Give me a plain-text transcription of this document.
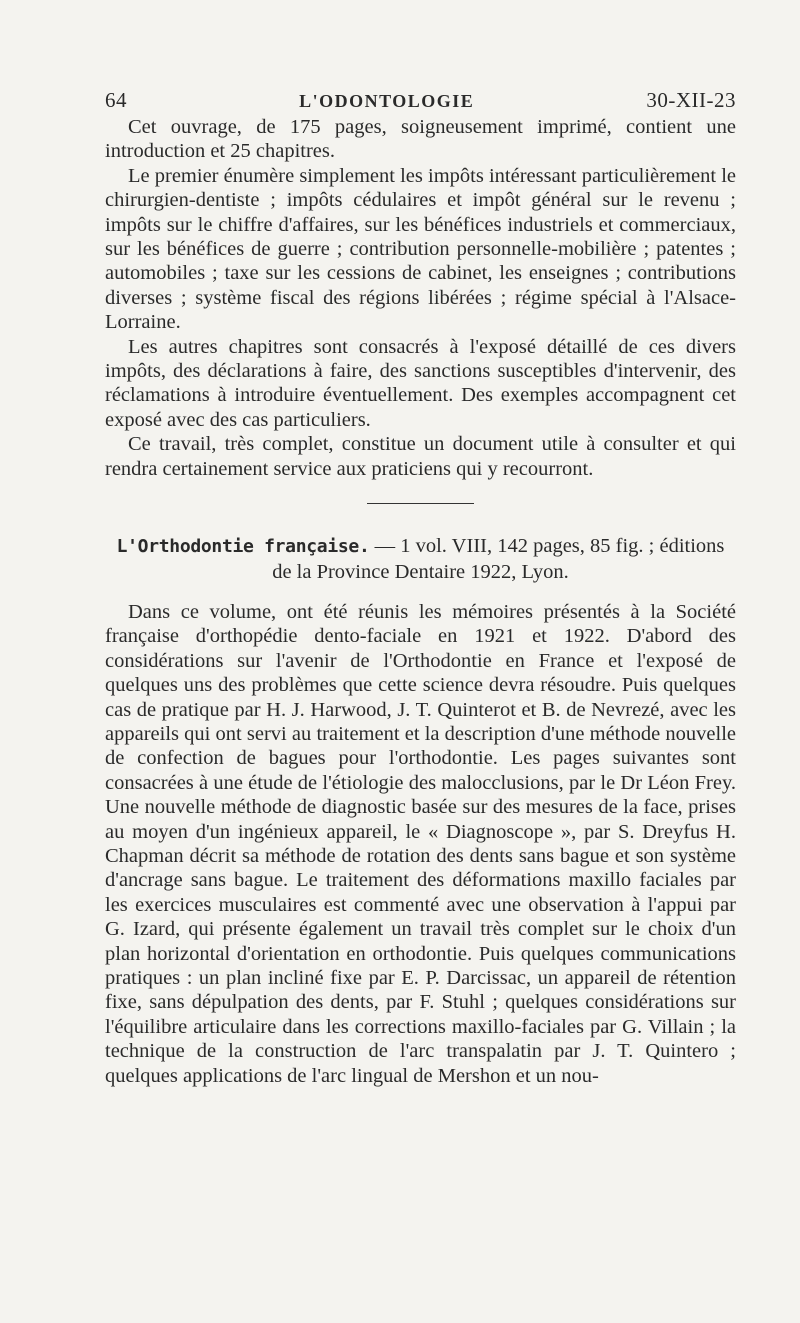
64	L'ODONTOLOGIE	30-XII-23

Cet ouvrage, de 175 pages, soigneusement imprimé, contient une introduction et 25 chapitres.

Le premier énumère simplement les impôts intéressant particulièrement le chirurgien-dentiste ; impôts cédulaires et impôt général sur le revenu ; impôts sur le chiffre d'affaires, sur les bénéfices industriels et commerciaux, sur les bénéfices de guerre ; contribution personnelle-mobilière ; patentes ; automobiles ; taxe sur les cessions de cabinet, les enseignes ; contributions diverses ; système fiscal des régions libérées ; régime spécial à l'Alsace-Lorraine.

Les autres chapitres sont consacrés à l'exposé détaillé de ces divers impôts, des déclarations à faire, des sanctions susceptibles d'intervenir, des réclamations à introduire éventuellement. Des exemples accompagnent cet exposé avec des cas particuliers.

Ce travail, très complet, constitue un document utile à consulter et qui rendra certainement service aux praticiens qui y recourront.

L'Orthodontie française. — 1 vol. VIII, 142 pages, 85 fig. ; éditions
de la Province Dentaire 1922, Lyon.

Dans ce volume, ont été réunis les mémoires présentés à la Société française d'orthopédie dento-faciale en 1921 et 1922. D'abord des considérations sur l'avenir de l'Orthodontie en France et l'exposé de quelques uns des problèmes que cette science devra résoudre. Puis quelques cas de pratique par H. J. Harwood, J. T. Quinterot et B. de Nevrezé, avec les appareils qui ont servi au traitement et la description d'une méthode nouvelle de confection de bagues pour l'orthodontie. Les pages suivantes sont consacrées à une étude de l'étiologie des malocclusions, par le Dr Léon Frey. Une nouvelle méthode de diagnostic basée sur des mesures de la face, prises au moyen d'un ingénieux appareil, le « Diagnoscope », par S. Dreyfus H. Chapman décrit sa méthode de rotation des dents sans bague et son système d'ancrage sans bague. Le traitement des déformations maxillo faciales par les exercices musculaires est commenté avec une observation à l'appui par G. Izard, qui présente également un travail très complet sur le choix d'un plan horizontal d'orientation en orthodontie. Puis quelques communications pratiques : un plan incliné fixe par E. P. Darcissac, un appareil de rétention fixe, sans dépulpation des dents, par F. Stuhl ; quelques considérations sur l'équilibre articulaire dans les corrections maxillo-faciales par G. Villain ; la technique de la construction de l'arc transpalatin par J. T. Quintero ; quelques applications de l'arc lingual de Mershon et un nou-
